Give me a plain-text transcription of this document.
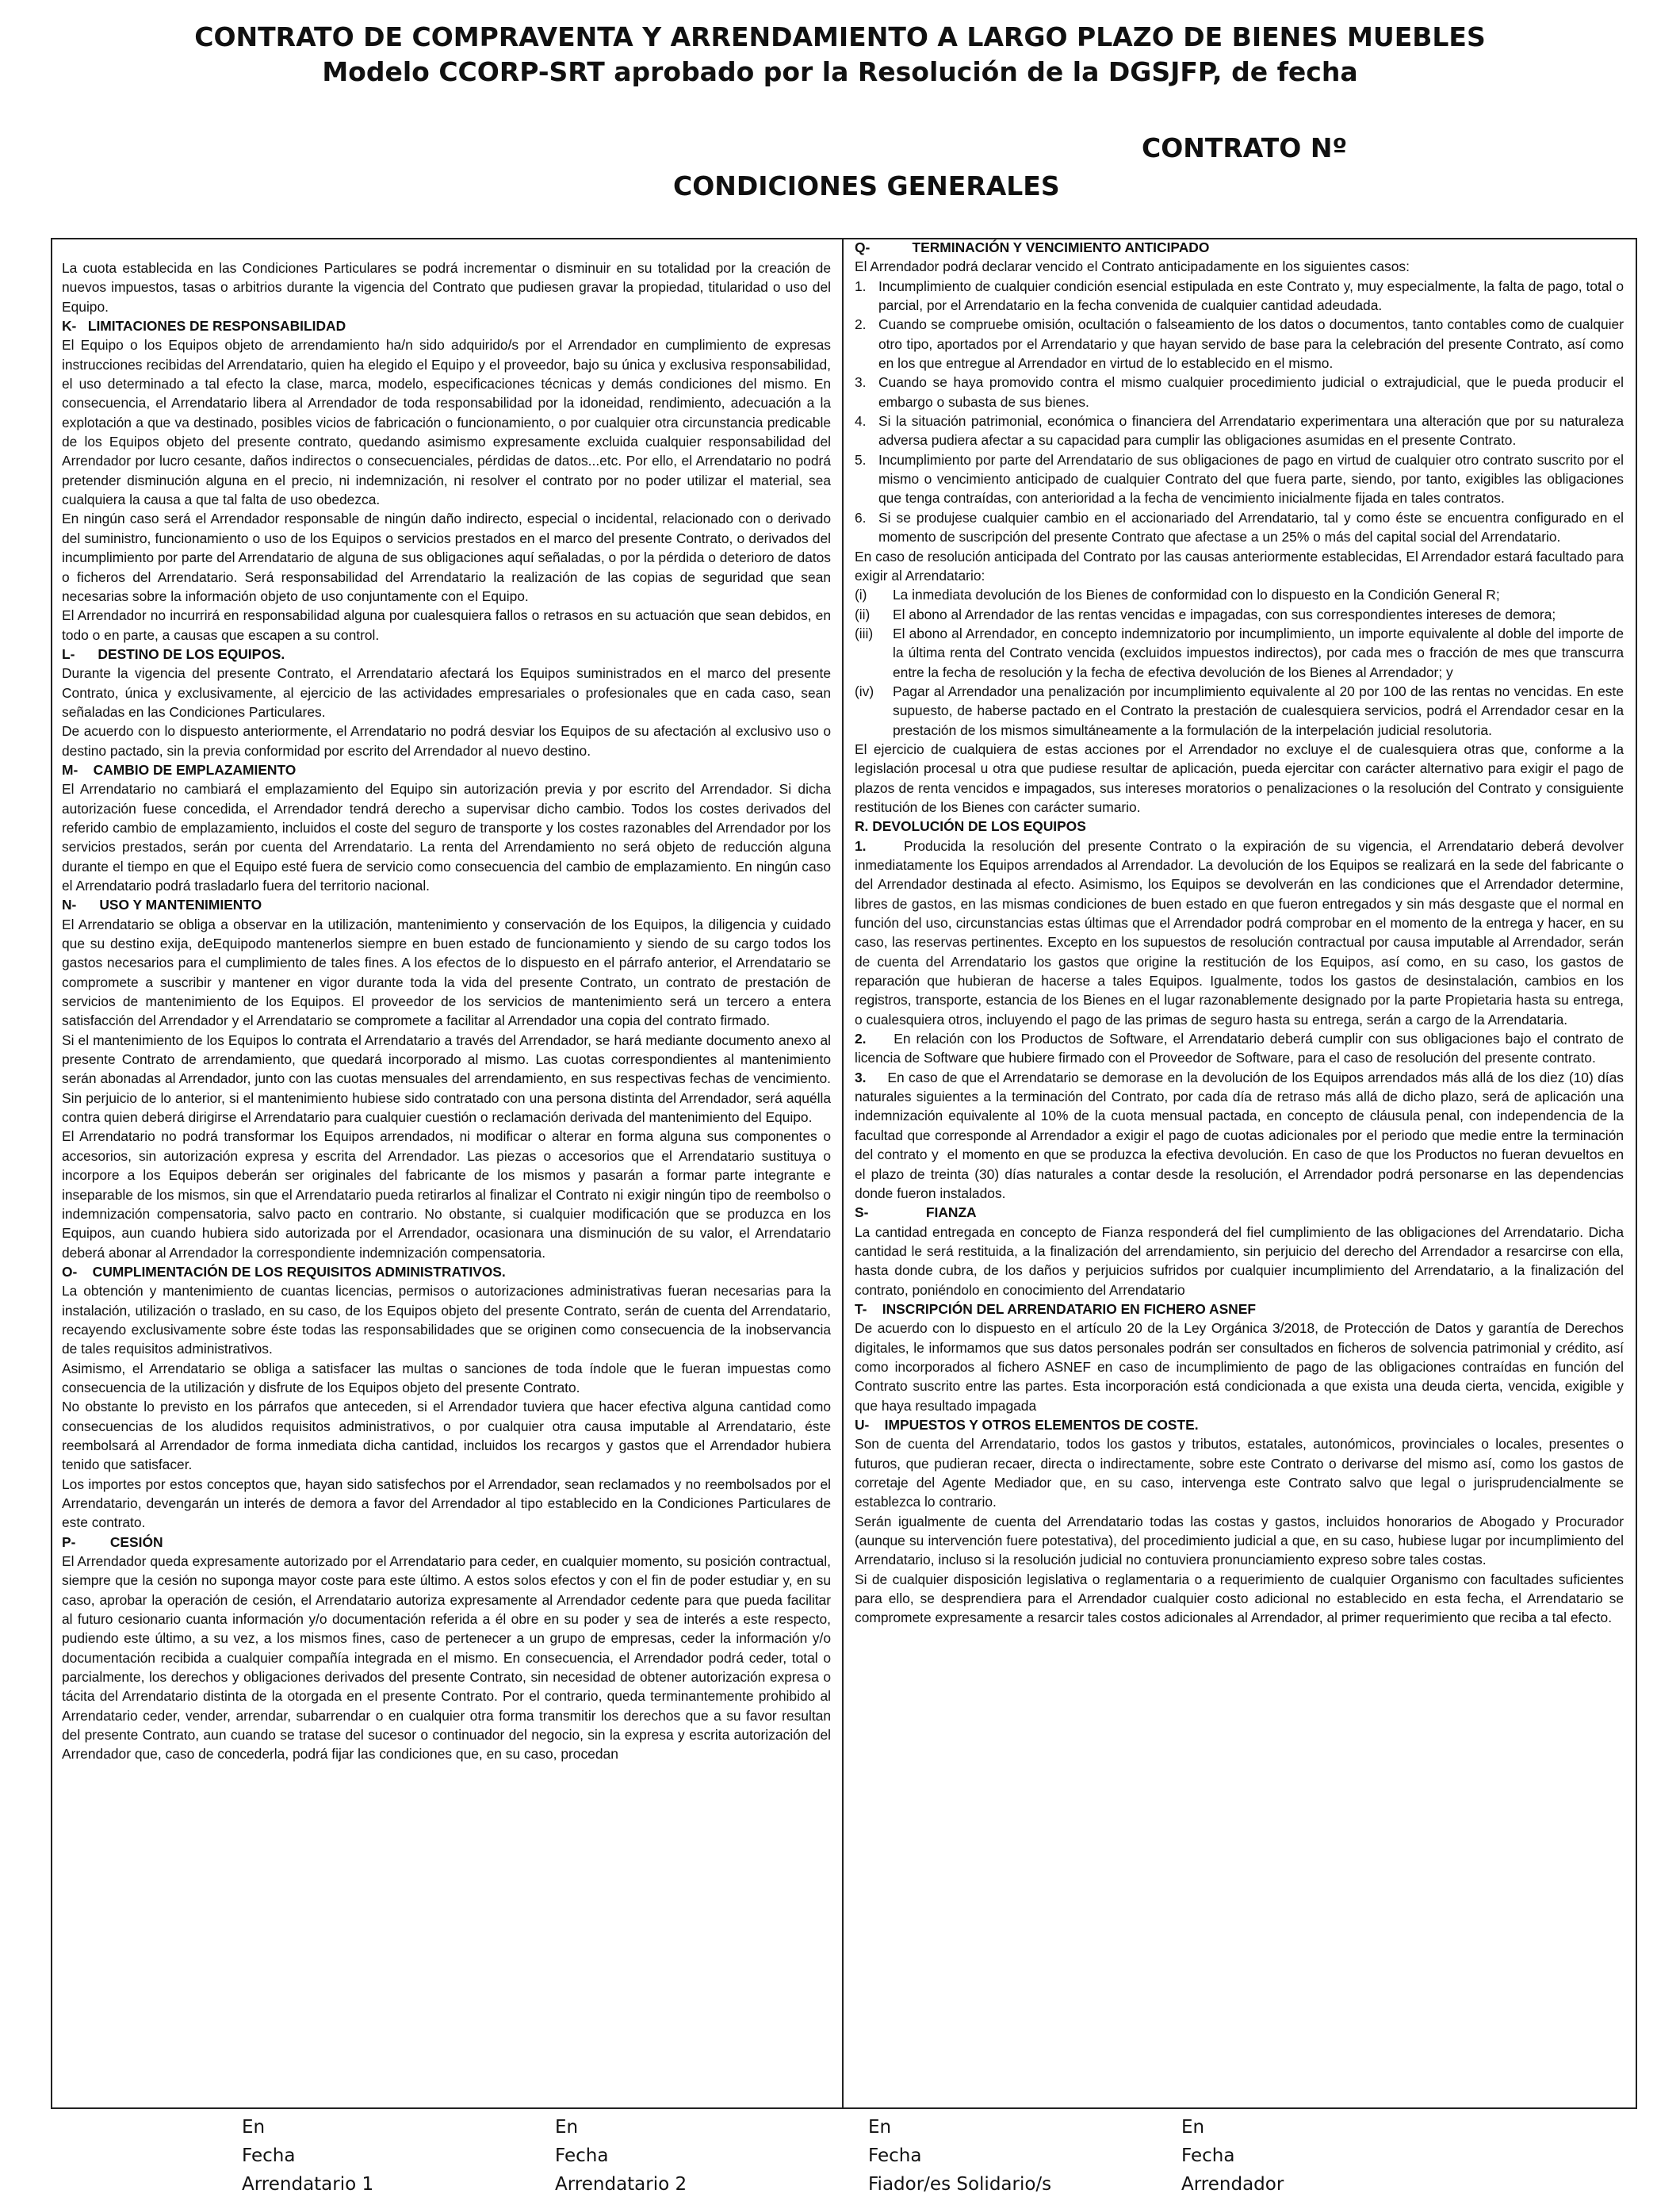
CONTRATO DE COMPRAVENTA Y ARRENDAMIENTO A LARGO PLAZO DE BIENES MUEBLES
Modelo CCORP-SRT aprobado por la Resolución de la DGSJFP, de fecha
CONTRATO Nº
CONDICIONES GENERALES

La cuota establecida en las Condiciones Particulares se podrá incrementar o disminuir en su totalidad por la creación de nuevos impuestos, tasas o arbitrios durante la vigencia del Contrato que pudiesen gravar la propiedad, titularidad o uso del Equipo.

K-   LIMITACIONES DE RESPONSABILIDAD

El Equipo o los Equipos objeto de arrendamiento ha/n sido adquirido/s por el Arrendador en cumplimiento de expresas instrucciones recibidas del Arrendatario, quien ha elegido el Equipo y el proveedor, bajo su única y exclusiva responsabilidad, el uso determinado a tal efecto la clase, marca, modelo, especificaciones técnicas y demás condiciones del mismo. En consecuencia, el Arrendatario libera al Arrendador de toda responsabilidad por la idoneidad, rendimiento, adecuación a la explotación a que va destinado, posibles vicios de fabricación o funcionamiento, o por cualquier otra circunstancia predicable de los Equipos objeto del presente contrato, quedando asimismo expresamente excluida cualquier responsabilidad del Arrendador por lucro cesante, daños indirectos o consecuenciales, pérdidas de datos...etc. Por ello, el Arrendatario no podrá pretender disminución alguna en el precio, ni indemnización, ni resolver el contrato por no poder utilizar el material, sea cualquiera la causa a que tal falta de uso obedezca.

En ningún caso será el Arrendador responsable de ningún daño indirecto, especial o incidental, relacionado con o derivado del suministro, funcionamiento o uso de los Equipos o servicios prestados en el marco del presente Contrato, o derivados del incumplimiento por parte del Arrendatario de alguna de sus obligaciones aquí señaladas, o por la pérdida o deterioro de datos o ficheros del Arrendatario. Será responsabilidad del Arrendatario la realización de las copias de seguridad que sean necesarias sobre la información objeto de uso conjuntamente con el Equipo.

El Arrendador no incurrirá en responsabilidad alguna por cualesquiera fallos o retrasos en su actuación que sean debidos, en todo o en parte, a causas que escapen a su control.

L-      DESTINO DE LOS EQUIPOS.

Durante la vigencia del presente Contrato, el Arrendatario afectará los Equipos suministrados en el marco del presente Contrato, única y exclusivamente, al ejercicio de las actividades empresariales o profesionales que en cada caso, sean señaladas en las Condiciones Particulares.

De acuerdo con lo dispuesto anteriormente, el Arrendatario no podrá desviar los Equipos de su afectación al exclusivo uso o destino pactado, sin la previa conformidad por escrito del Arrendador al nuevo destino.

M-    CAMBIO DE EMPLAZAMIENTO

El Arrendatario no cambiará el emplazamiento del Equipo sin autorización previa y por escrito del Arrendador. Si dicha autorización fuese concedida, el Arrendador tendrá derecho a supervisar dicho cambio. Todos los costes derivados del referido cambio de emplazamiento, incluidos el coste del seguro de transporte y los costes razonables del Arrendador por los servicios prestados, serán por cuenta del Arrendatario. La renta del Arrendamiento no será objeto de reducción alguna durante el tiempo en que el Equipo esté fuera de servicio como consecuencia del cambio de emplazamiento. En ningún caso el Arrendatario podrá trasladarlo fuera del territorio nacional.

N-      USO Y MANTENIMIENTO

El Arrendatario se obliga a observar en la utilización, mantenimiento y conservación de los Equipos, la diligencia y cuidado que su destino exija, deEquipodo mantenerlos siempre en buen estado de funcionamiento y siendo de su cargo todos los gastos necesarios para el cumplimiento de tales fines. A los efectos de lo dispuesto en el párrafo anterior, el Arrendatario se compromete a suscribir y mantener en vigor durante toda la vida del presente Contrato, un contrato de prestación de servicios de mantenimiento de los Equipos. El proveedor de los servicios de mantenimiento será un tercero a entera satisfacción del Arrendador y el Arrendatario se compromete a facilitar al Arrendador una copia del contrato firmado.

Si el mantenimiento de los Equipos lo contrata el Arrendatario a través del Arrendador, se hará mediante documento anexo al presente Contrato de arrendamiento, que quedará incorporado al mismo. Las cuotas correspondientes al mantenimiento serán abonadas al Arrendador, junto con las cuotas mensuales del arrendamiento, en sus respectivas fechas de vencimiento. Sin perjuicio de lo anterior, si el mantenimiento hubiese sido contratado con una persona distinta del Arrendador, será aquélla contra quien deberá dirigirse el Arrendatario para cualquier cuestión o reclamación derivada del mantenimiento del Equipo.

El Arrendatario no podrá transformar los Equipos arrendados, ni modificar o alterar en forma alguna sus componentes o accesorios, sin autorización expresa y escrita del Arrendador. Las piezas o accesorios que el Arrendatario sustituya o incorpore a los Equipos deberán ser originales del fabricante de los mismos y pasarán a formar parte integrante e inseparable de los mismos, sin que el Arrendatario pueda retirarlos al finalizar el Contrato ni exigir ningún tipo de reembolso o indemnización compensatoria, salvo pacto en contrario. No obstante, si cualquier modificación que se produzca en los Equipos, aun cuando hubiera sido autorizada por el Arrendador, ocasionara una disminución de su valor, el Arrendatario deberá abonar al Arrendador la correspondiente indemnización compensatoria.

O-    CUMPLIMENTACIÓN DE LOS REQUISITOS ADMINISTRATIVOS.

La obtención y mantenimiento de cuantas licencias, permisos o autorizaciones administrativas fueran necesarias para la instalación, utilización o traslado, en su caso, de los Equipos objeto del presente Contrato, serán de cuenta del Arrendatario, recayendo exclusivamente sobre éste todas las responsabilidades que se originen como consecuencia de la inobservancia de tales requisitos administrativos.

Asimismo, el Arrendatario se obliga a satisfacer las multas o sanciones de toda índole que le fueran impuestas como consecuencia de la utilización y disfrute de los Equipos objeto del presente Contrato.

No obstante lo previsto en los párrafos que anteceden, si el Arrendador tuviera que hacer efectiva alguna cantidad como consecuencias de los aludidos requisitos administrativos, o por cualquier otra causa imputable al Arrendatario, éste reembolsará al Arrendador de forma inmediata dicha cantidad, incluidos los recargos y gastos que el Arrendador hubiera tenido que satisfacer.

Los importes por estos conceptos que, hayan sido satisfechos por el Arrendador, sean reclamados y no reembolsados por el Arrendatario, devengarán un interés de demora a favor del Arrendador al tipo establecido en la Condiciones Particulares de este contrato.

P-         CESIÓN

El Arrendador queda expresamente autorizado por el Arrendatario para ceder, en cualquier momento, su posición contractual, siempre que la cesión no suponga mayor coste para este último. A estos solos efectos y con el fin de poder estudiar y, en su caso, aprobar la operación de cesión, el Arrendatario autoriza expresamente al Arrendador cedente para que pueda facilitar al futuro cesionario cuanta información y/o documentación referida a él obre en su poder y sea de interés a este respecto, pudiendo este último, a su vez, a los mismos fines, caso de pertenecer a un grupo de empresas, ceder la información y/o documentación recibida a cualquier compañía integrada en el mismo. En consecuencia, el Arrendador podrá ceder, total o parcialmente, los derechos y obligaciones derivados del presente Contrato, sin necesidad de obtener autorización expresa o tácita del Arrendatario distinta de la otorgada en el presente Contrato. Por el contrario, queda terminantemente prohibido al Arrendatario ceder, vender, arrendar, subarrendar o en cualquier otra forma transmitir los derechos que a su favor resultan del presente Contrato, aun cuando se tratase del sucesor o continuador del negocio, sin la expresa y escrita autorización del Arrendador que, caso de concederla, podrá fijar las condiciones que, en su caso, procedan

Q-           TERMINACIÓN Y VENCIMIENTO ANTICIPADO

El Arrendador podrá declarar vencido el Contrato anticipadamente en los siguientes casos:

1. Incumplimiento de cualquier condición esencial estipulada en este Contrato y, muy especialmente, la falta de pago, total o parcial, por el Arrendatario en la fecha convenida de cualquier cantidad adeudada.
2. Cuando se compruebe omisión, ocultación o falseamiento de los datos o documentos, tanto contables como de cualquier otro tipo, aportados por el Arrendatario y que hayan servido de base para la celebración del presente Contrato, así como en los que entregue al Arrendador en virtud de lo establecido en el mismo.
3. Cuando se haya promovido contra el mismo cualquier procedimiento judicial o extrajudicial, que le pueda producir el embargo o subasta de sus bienes.
4. Si la situación patrimonial, económica o financiera del Arrendatario experimentara una alteración que por su naturaleza adversa pudiera afectar a su capacidad para cumplir las obligaciones asumidas en el presente Contrato.
5. Incumplimiento por parte del Arrendatario de sus obligaciones de pago en virtud de cualquier otro contrato suscrito por el mismo o vencimiento anticipado de cualquier Contrato del que fuera parte, siendo, por tanto, exigibles las obligaciones que tenga contraídas, con anterioridad a la fecha de vencimiento inicialmente fijada en tales contratos.
6. Si se produjese cualquier cambio en el accionariado del Arrendatario, tal y como éste se encuentra configurado en el momento de suscripción del presente Contrato que afectase a un 25% o más del capital social del Arrendatario.

En caso de resolución anticipada del Contrato por las causas anteriormente establecidas, El Arrendador estará facultado para exigir al Arrendatario:

(i)	La inmediata devolución de los Bienes de conformidad con lo dispuesto en la Condición General R;
(ii)	El abono al Arrendador de las rentas vencidas e impagadas, con sus correspondientes intereses de demora;
(iii)	El abono al Arrendador, en concepto indemnizatorio por incumplimiento, un importe equivalente al doble del importe de la última renta del Contrato vencida (excluidos impuestos indirectos), por cada mes o fracción de mes que transcurra entre la fecha de resolución y la fecha de efectiva devolución de los Bienes al Arrendador; y
(iv)	Pagar al Arrendador una penalización por incumplimiento equivalente al 20 por 100 de las rentas no vencidas. En este supuesto, de haberse pactado en el Contrato la prestación de cualesquiera servicios, podrá el Arrendador cesar en la prestación de los mismos simultáneamente a la formulación de la interpelación judicial resolutoria.

El ejercicio de cualquiera de estas acciones por el Arrendador no excluye el de cualesquiera otras que, conforme a la legislación procesal u otra que pudiese resultar de aplicación, pueda ejercitar con carácter alternativo para exigir el pago de plazos de renta vencidos e impagados, sus intereses moratorios o penalizaciones o la resolución del Contrato y consiguiente restitución de los Bienes con carácter sumario.

R. DEVOLUCIÓN DE LOS EQUIPOS

1.     Producida la resolución del presente Contrato o la expiración de su vigencia, el Arrendatario deberá devolver inmediatamente los Equipos arrendados al Arrendador. La devolución de los Equipos se realizará en la sede del fabricante o del Arrendador destinada al efecto. Asimismo, los Equipos se devolverán en las condiciones que el Arrendador determine, libres de gastos, en las mismas condiciones de buen estado en que fueron entregados y sin más desgaste que el normal en función del uso, circunstancias estas últimas que el Arrendador podrá comprobar en el momento de la entrega y hacer, en su caso, las reservas pertinentes. Excepto en los supuestos de resolución contractual por causa imputable al Arrendador, serán de cuenta del Arrendatario los gastos que origine la restitución de los Equipos, así como, en su caso, los gastos de reparación que hubieran de hacerse a tales Equipos. Igualmente, todos los gastos de desinstalación, cambios en los registros, transporte, estancia de los Bienes en el lugar razonablemente designado por la parte Propietaria hasta su entrega, o cualesquiera otros, incluyendo el pago de las primas de seguro hasta su entrega, serán a cargo de la Arrendataria.

2.     En relación con los Productos de Software, el Arrendatario deberá cumplir con sus obligaciones bajo el contrato de licencia de Software que hubiere firmado con el Proveedor de Software, para el caso de resolución del presente contrato.

3.     En caso de que el Arrendatario se demorase en la devolución de los Equipos arrendados más allá de los diez (10) días naturales siguientes a la terminación del Contrato, por cada día de retraso más allá de dicho plazo, será de aplicación una indemnización equivalente al 10% de la cuota mensual pactada, en concepto de cláusula penal, con independencia de la facultad que corresponde al Arrendador a exigir el pago de cuotas adicionales por el periodo que medie entre la terminación del contrato y  el momento en que se produzca la efectiva devolución. En caso de que los Productos no fueran devueltos en el plazo de treinta (30) días naturales a contar desde la resolución, el Arrendador podrá personarse en las dependencias donde fueron instalados.

S-               FIANZA

La cantidad entregada en concepto de Fianza responderá del fiel cumplimiento de las obligaciones del Arrendatario. Dicha cantidad le será restituida, a la finalización del arrendamiento, sin perjuicio del derecho del Arrendador a resarcirse con ella, hasta donde cubra, de los daños y perjuicios sufridos por cualquier incumplimiento del Arrendatario, a la finalización del contrato, poniéndolo en conocimiento del Arrendatario

T-    INSCRIPCIÓN DEL ARRENDATARIO EN FICHERO ASNEF

De acuerdo con lo dispuesto en el artículo 20 de la Ley Orgánica 3/2018, de Protección de Datos y garantía de Derechos digitales, le informamos que sus datos personales podrán ser consultados en ficheros de solvencia patrimonial y crédito, así como incorporados al fichero ASNEF en caso de incumplimiento de pago de las obligaciones contraídas en función del Contrato suscrito entre las partes. Esta incorporación está condicionada a que exista una deuda cierta, vencida, exigible y que haya resultado impagada

U-    IMPUESTOS Y OTROS ELEMENTOS DE COSTE.

Son de cuenta del Arrendatario, todos los gastos y tributos, estatales, autonómicos, provinciales o locales, presentes o futuros, que pudieran recaer, directa o indirectamente, sobre este Contrato o derivarse del mismo así, como los gastos de corretaje del Agente Mediador que, en su caso, intervenga este Contrato salvo que legal o jurisprudencialmente se establezca lo contrario.

Serán igualmente de cuenta del Arrendatario todas las costas y gastos, incluidos honorarios de Abogado y Procurador (aunque su intervención fuere potestativa), del procedimiento judicial a que, en su caso, hubiese lugar por incumplimiento del Arrendatario, incluso si la resolución judicial no contuviera pronunciamiento expreso sobre tales costas.

Si de cualquier disposición legislativa o reglamentaria o a requerimiento de cualquier Organismo con facultades suficientes para ello, se desprendiera para el Arrendador cualquier costo adicional no establecido en esta fecha, el Arrendatario se compromete expresamente a resarcir tales costos adicionales al Arrendador, al primer requerimiento que reciba a tal efecto.

En
Fecha
Arrendatario 1
En
Fecha
Arrendatario 2
En
Fecha
Fiador/es Solidario/s
En
Fecha
Arrendador
